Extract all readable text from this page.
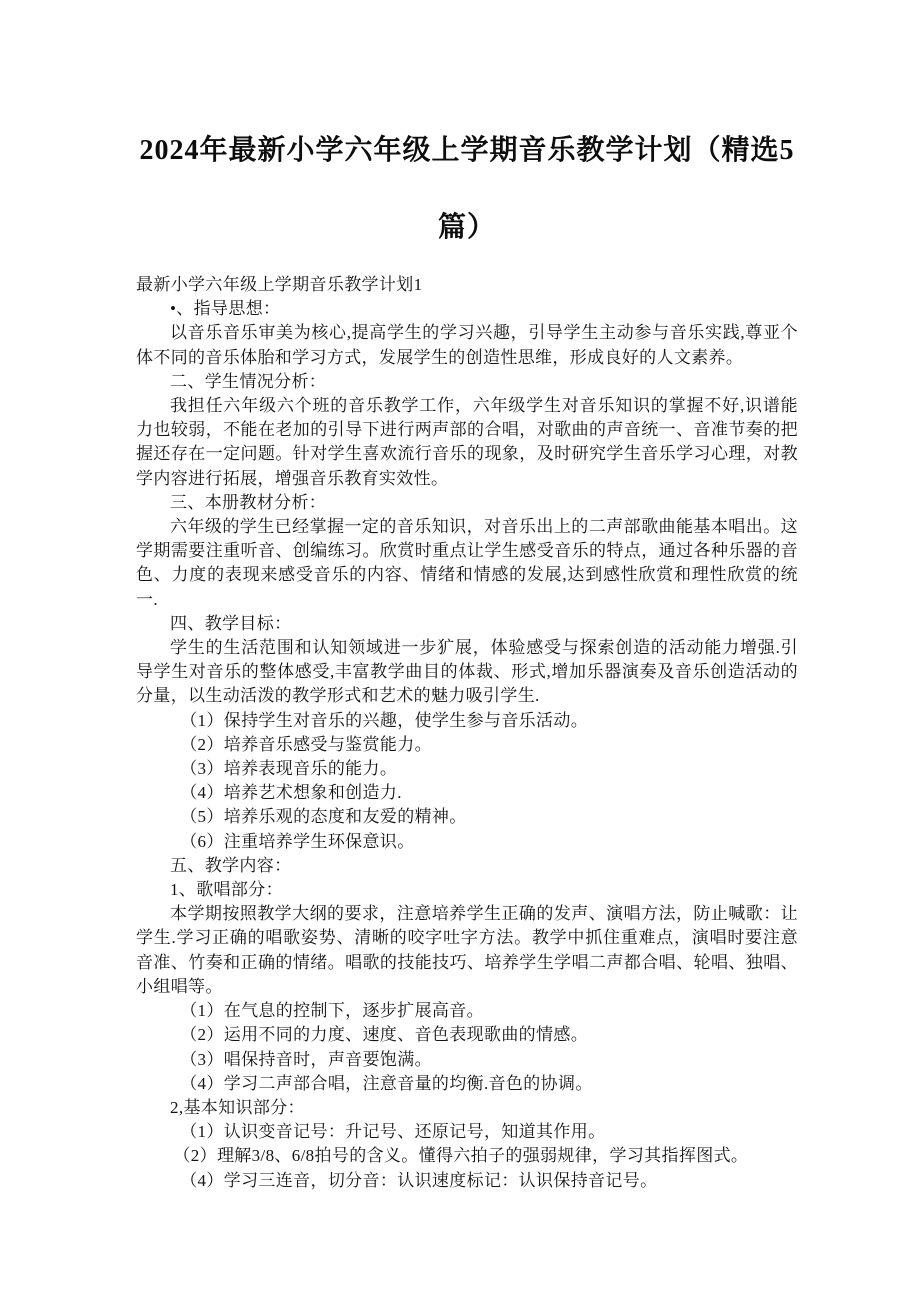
2024年最新小学六年级上学期音乐教学计划（精选5篇）

最新小学六年级上学期音乐教学计划1

•、指导思想：

以音乐音乐审美为核心,提高学生的学习兴趣，引导学生主动参与音乐实践,尊亚个体不同的音乐体胎和学习方式，发展学生的创造性思维，形成良好的人文素养。

二、学生情况分析：

我担任六年级六个班的音乐教学工作，六年级学生对音乐知识的掌握不好,识谱能力也较弱，不能在老加的引导下进行两声部的合唱，对歌曲的声音统一、音准节奏的把握还存在一定问题。针对学生喜欢流行音乐的现象，及时研究学生音乐学习心理，对教学内容进行拓展，增强音乐教育实效性。

三、本册教材分析：

六年级的学生已经掌握一定的音乐知识，对音乐出上的二声部歌曲能基本唱出。这学期需要注重听音、创编练习。欣赏时重点让学生感受音乐的特点，通过各种乐器的音色、力度的表现来感受音乐的内容、情绪和情感的发展,达到感性欣赏和理性欣赏的统一.

四、教学目标：

学生的生活范围和认知领域进一步犷展，体验感受与探索创造的活动能力增强.引导学生对音乐的整体感受,丰富教学曲目的体裁、形式,增加乐器演奏及音乐创造活动的分量，以生动活泼的教学形式和艺术的魅力吸引学生.

（1）保持学生对音乐的兴趣，使学生参与音乐活动。

（2）培养音乐感受与鉴赏能力。

（3）培养表现音乐的能力。

（4）培养艺术想象和创造力.

（5）培养乐观的态度和友爱的精神。

（6）注重培养学生环保意识。

五、教学内容：

1、歌唱部分：

本学期按照教学大纲的要求，注意培养学生正确的发声、演唱方法，防止喊歌：让学生.学习正确的唱歌姿势、清晰的咬字吐字方法。教学中抓住重难点，演唱时要注意音准、竹奏和正确的情绪。唱歌的技能技巧、培养学生学唱二声都合唱、轮唱、独唱、小组唱等。

（1）在气息的控制下，逐步扩展高音。

（2）运用不同的力度、速度、音色表现歌曲的情感。

（3）唱保持音时，声音要饱满。

（4）学习二声部合唱，注意音量的均衡.音色的协调。

2,基本知识部分：

（1）认识变音记号：升记号、还原记号，知道其作用。

（2）理解3/8、6/8拍号的含义。懂得六拍子的强弱规律，学习其指挥图式。

（4）学习三连音，切分音：认识速度标记：认识保持音记号。
